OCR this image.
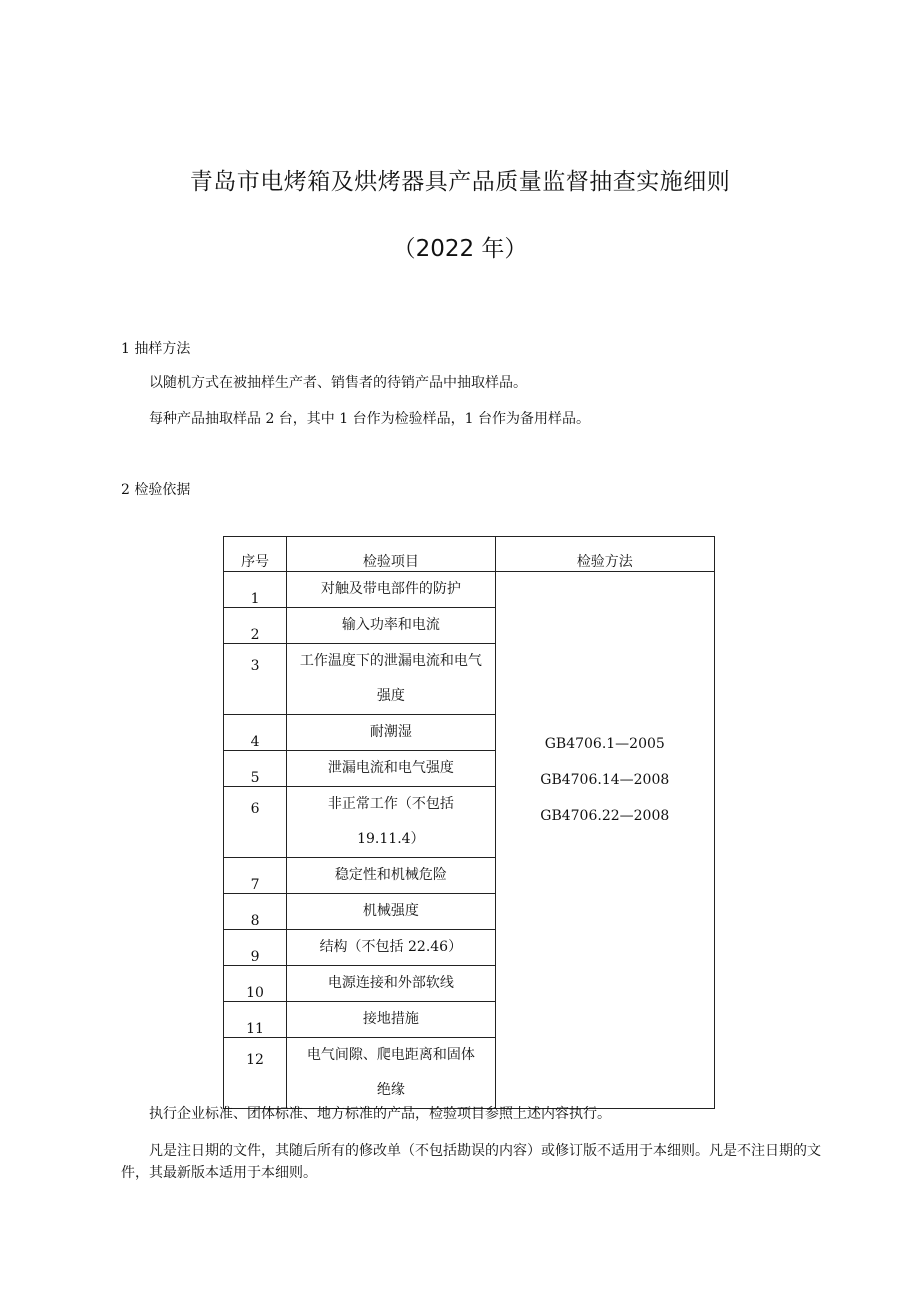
青岛市电烤箱及烘烤器具产品质量监督抽查实施细则
（2022 年）
1 抽样方法
以随机方式在被抽样生产者、销售者的待销产品中抽取样品。
每种产品抽取样品 2 台，其中 1 台作为检验样品，1 台作为备用样品。
2 检验依据
序号	检验项目	检验方法
1	对触及带电部件的防护	GB4706.1—2005
GB4706.14—2008
GB4706.22—2008

2	输入功率和电流	
3	工作温度下的泄漏电流和电气
强度	

4	耐潮湿	
5	泄漏电流和电气强度	
6	非正常工作（不包括
19.11.4）	

7	稳定性和机械危险	
8	机械强度	
9	结构（不包括 22.46）	
10	电源连接和外部软线	
11	接地措施	
12	电气间隙、爬电距离和固体
绝缘	
执行企业标准、团体标准、地方标准的产品，检验项目参照上述内容执行。
凡是注日期的文件，其随后所有的修改单（不包括勘误的内容）或修订版不适用于本细则。凡是不注日期的文件，其最新版本适用于本细则。
